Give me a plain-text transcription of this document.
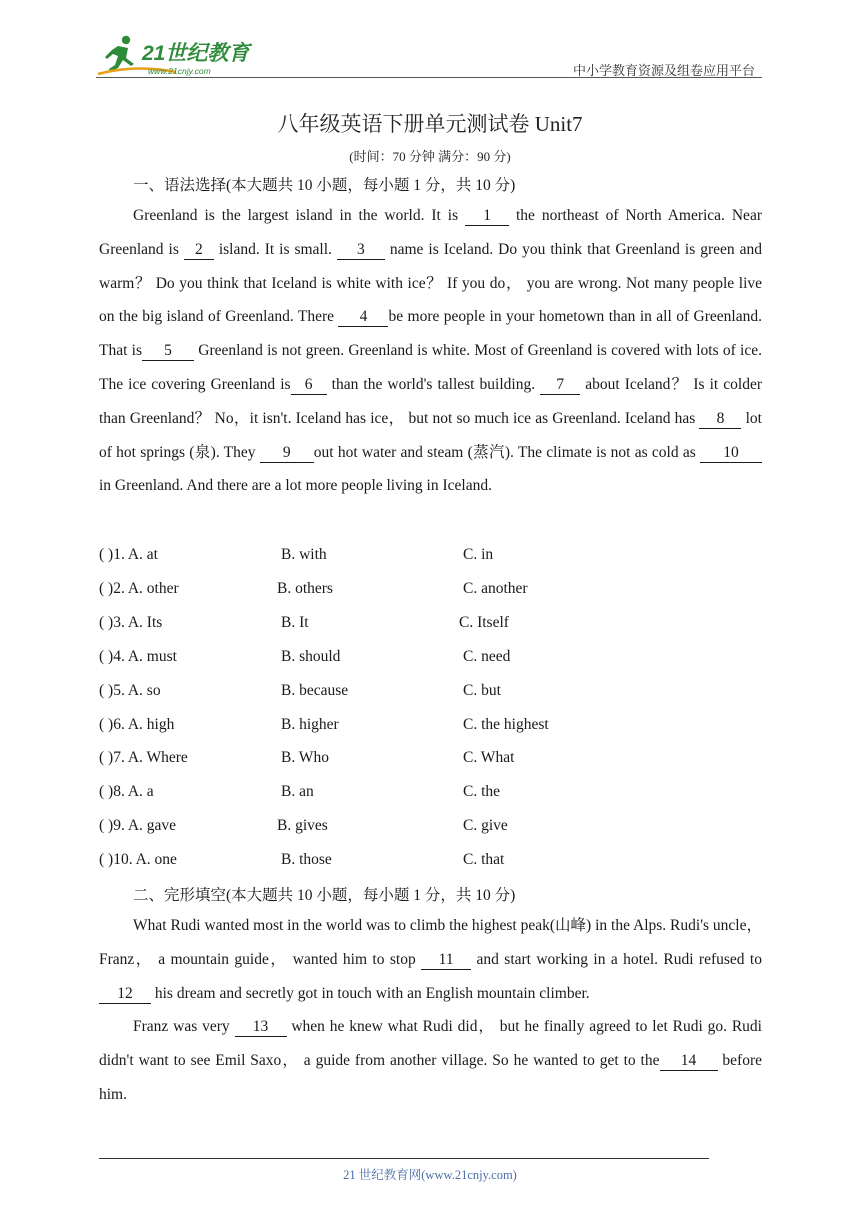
21世纪教育
www.21cnjy.com	中小学教育资源及组卷应用平台
八年级英语下册单元测试卷 Unit7
(时间：70 分钟 满分：90 分)
一、语法选择(本大题共 10 小题，每小题 1 分，共 10 分)

Greenland is the largest island in the world. It is 1 the northeast of North America. Near Greenland is 2 island. It is small. 3 name is Iceland. Do you think that Greenland is green and warm？ Do you think that Iceland is white with ice？ If you do， you are wrong. Not many people live on the big island of Greenland. There 4 be more people in your hometown than in all of Greenland. That is 5 Greenland is not green. Greenland is white. Most of Greenland is covered with lots of ice. The ice covering Greenland is 6 than the world's tallest building. 7 about Iceland？ Is it colder than Greenland？ No，it isn't. Iceland has ice， but not so much ice as Greenland. Iceland has 8 lot of hot springs (泉). They 9 out hot water and steam (蒸汽). The climate is not as cold as 10in Greenland. And there are a lot more people living in Iceland.

( )1. A. at	B. with	C. in
( )2. A. other	B. others	C. another
( )3. A. Its	B. It	C. Itself
( )4. A. must	B. should	C. need
( )5. A. so	B. because	C. but
( )6. A. high	B. higher	C. the highest
( )7. A. Where	B. Who	C. What
( )8. A. a	B. an	C. the
( )9. A. gave	B. gives	C. give
( )10. A. one	B. those	C. that
二、完形填空(本大题共 10 小题，每小题 1 分，共 10 分)

What Rudi wanted most in the world was to climb the highest peak(山峰) in the Alps. Rudi's uncle， Franz， a mountain guide， wanted him to stop 11 and start working in a hotel. Rudi refused to 12 his dream and secretly got in touch with an English mountain climber.

Franz was very 13 when he knew what Rudi did， but he finally agreed to let Rudi go. Rudi didn't want to see Emil Saxo， a guide from another village. So he wanted to get to the 14 before him.

21 世纪教育网(www.21cnjy.com)
